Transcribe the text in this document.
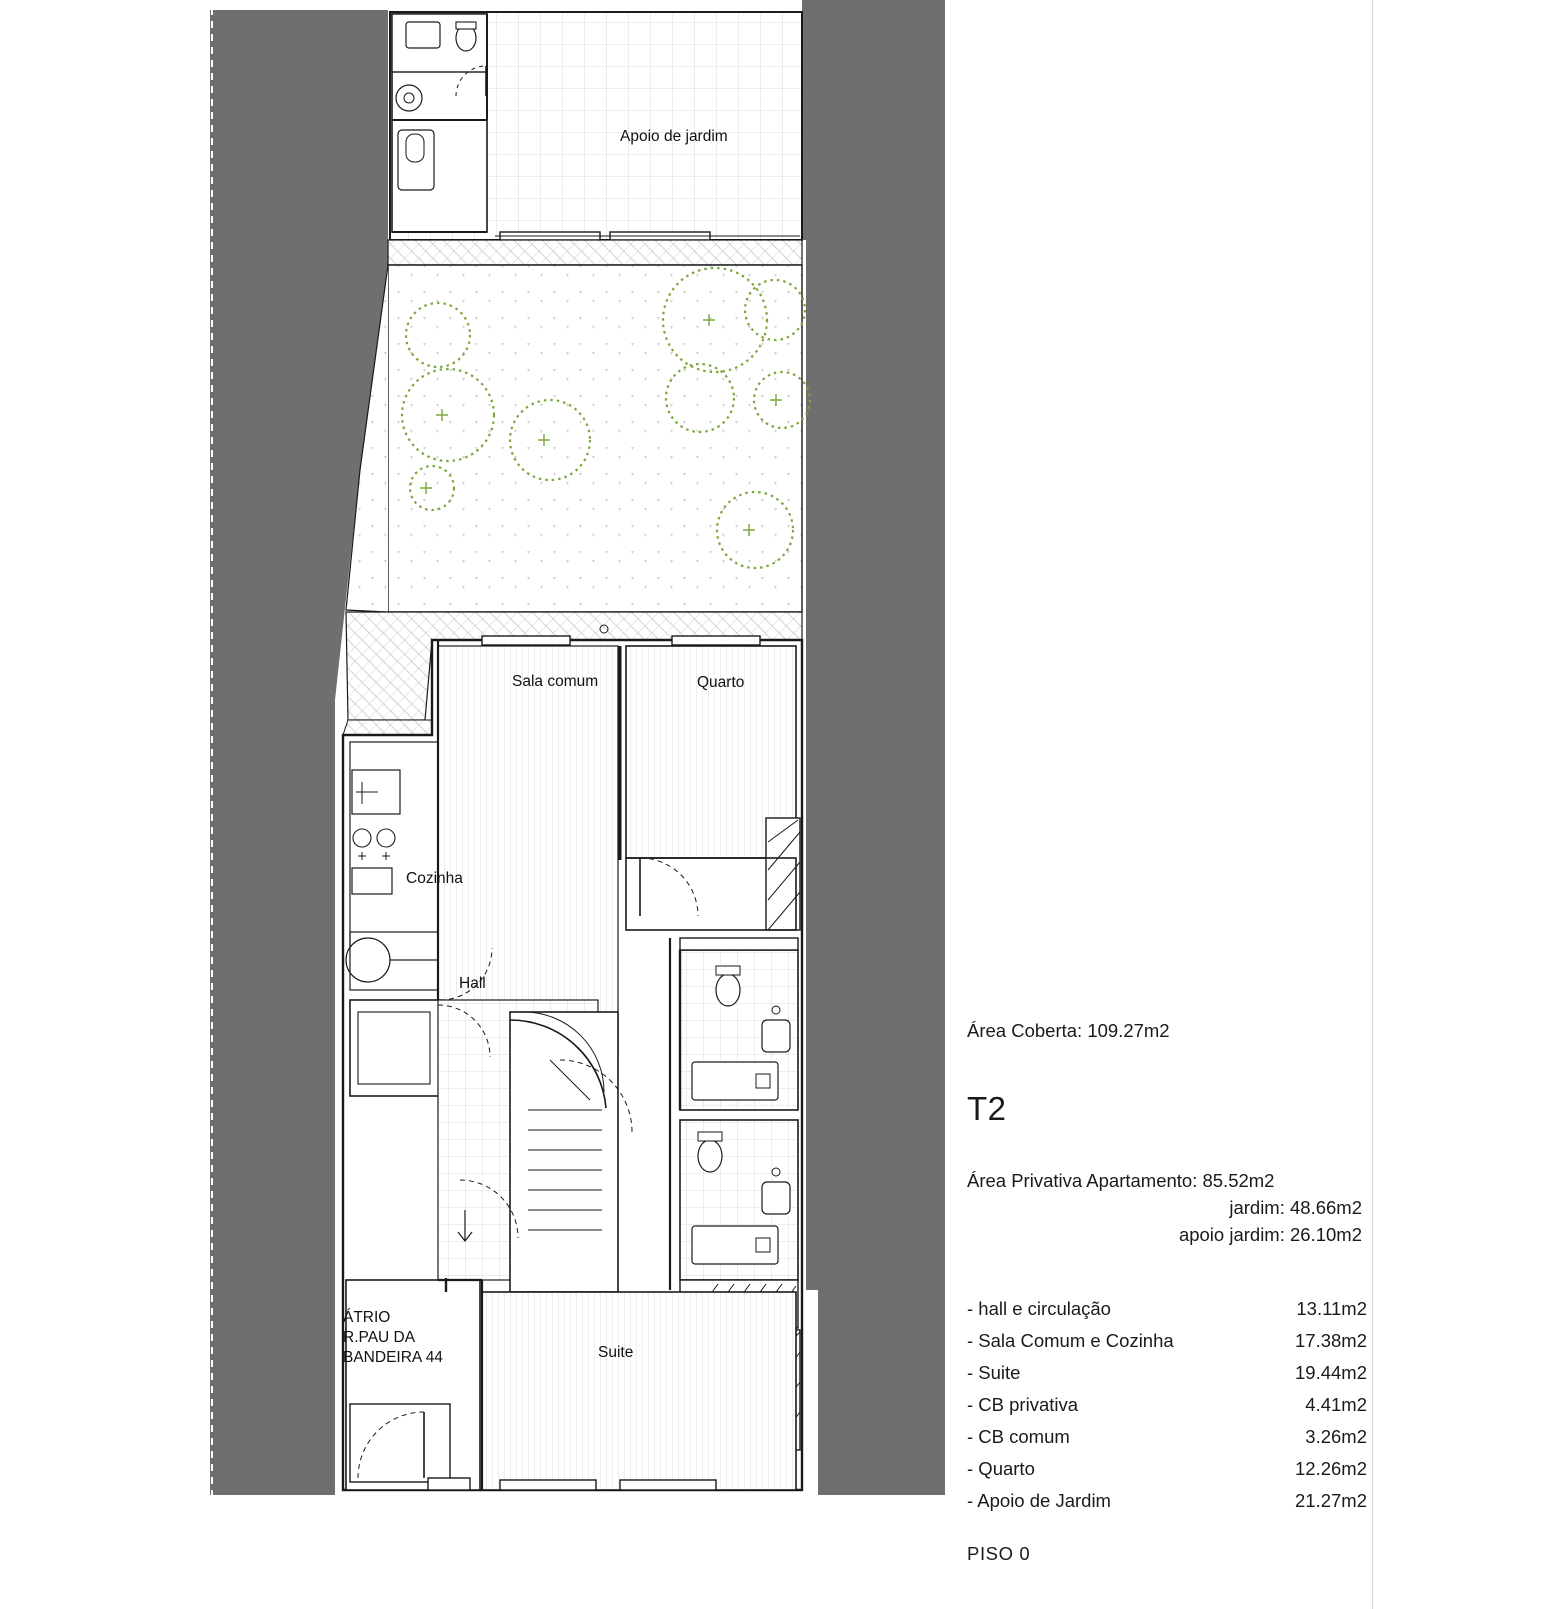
Apoio de jardim
Sala comum	Quarto
Cozinha
Hall
Suite
ÁTRIO
R.PAU DA
BANDEIRA 44
Área Coberta: 109.27m2
T2
Área Privativa Apartamento: 85.52m2
jardim: 48.66m2
apoio jardim: 26.10m2
- hall e circulação	13.11m2
- Sala Comum e Cozinha	17.38m2
- Suite	19.44m2
- CB privativa	4.41m2
- CB comum	3.26m2
- Quarto	12.26m2
- Apoio de Jardim	21.27m2
PISO 0
